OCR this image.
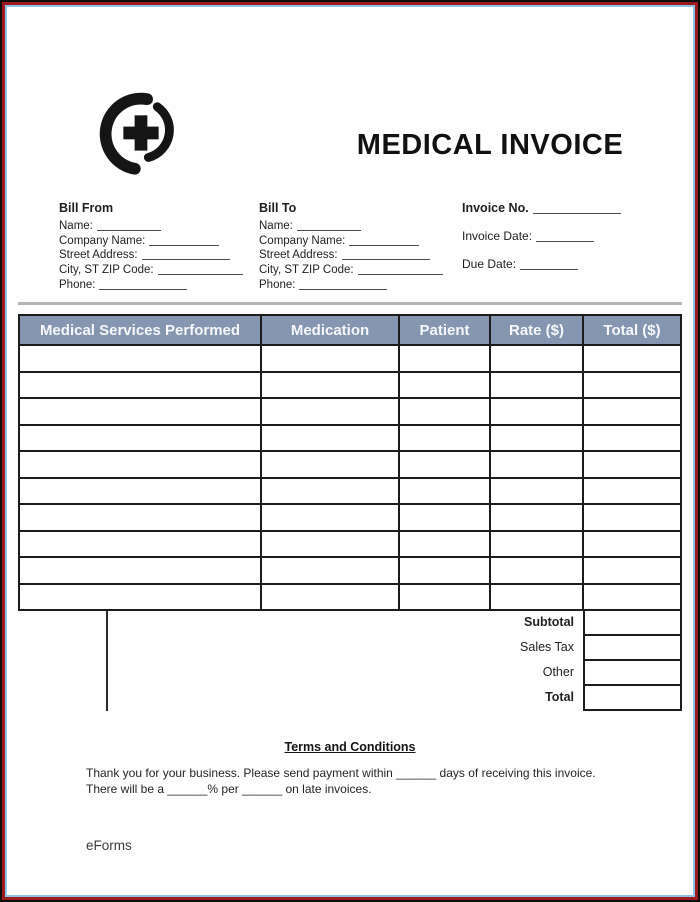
MEDICAL INVOICE
Bill From
Name:
Company Name:
Street Address:
City, ST ZIP Code:
Phone:
Bill To
Name:
Company Name:
Street Address:
City, ST ZIP Code:
Phone:
Invoice No.
Invoice Date:
Due Date:
Medical Services Performed	Medication	Patient	Rate ($)	Total ($)
Subtotal
Sales Tax
Other
Total
Terms and Conditions
Thank you for your business. Please send payment within ______ days of receiving this invoice. There will be a ______% per ______ on late invoices.
eForms
